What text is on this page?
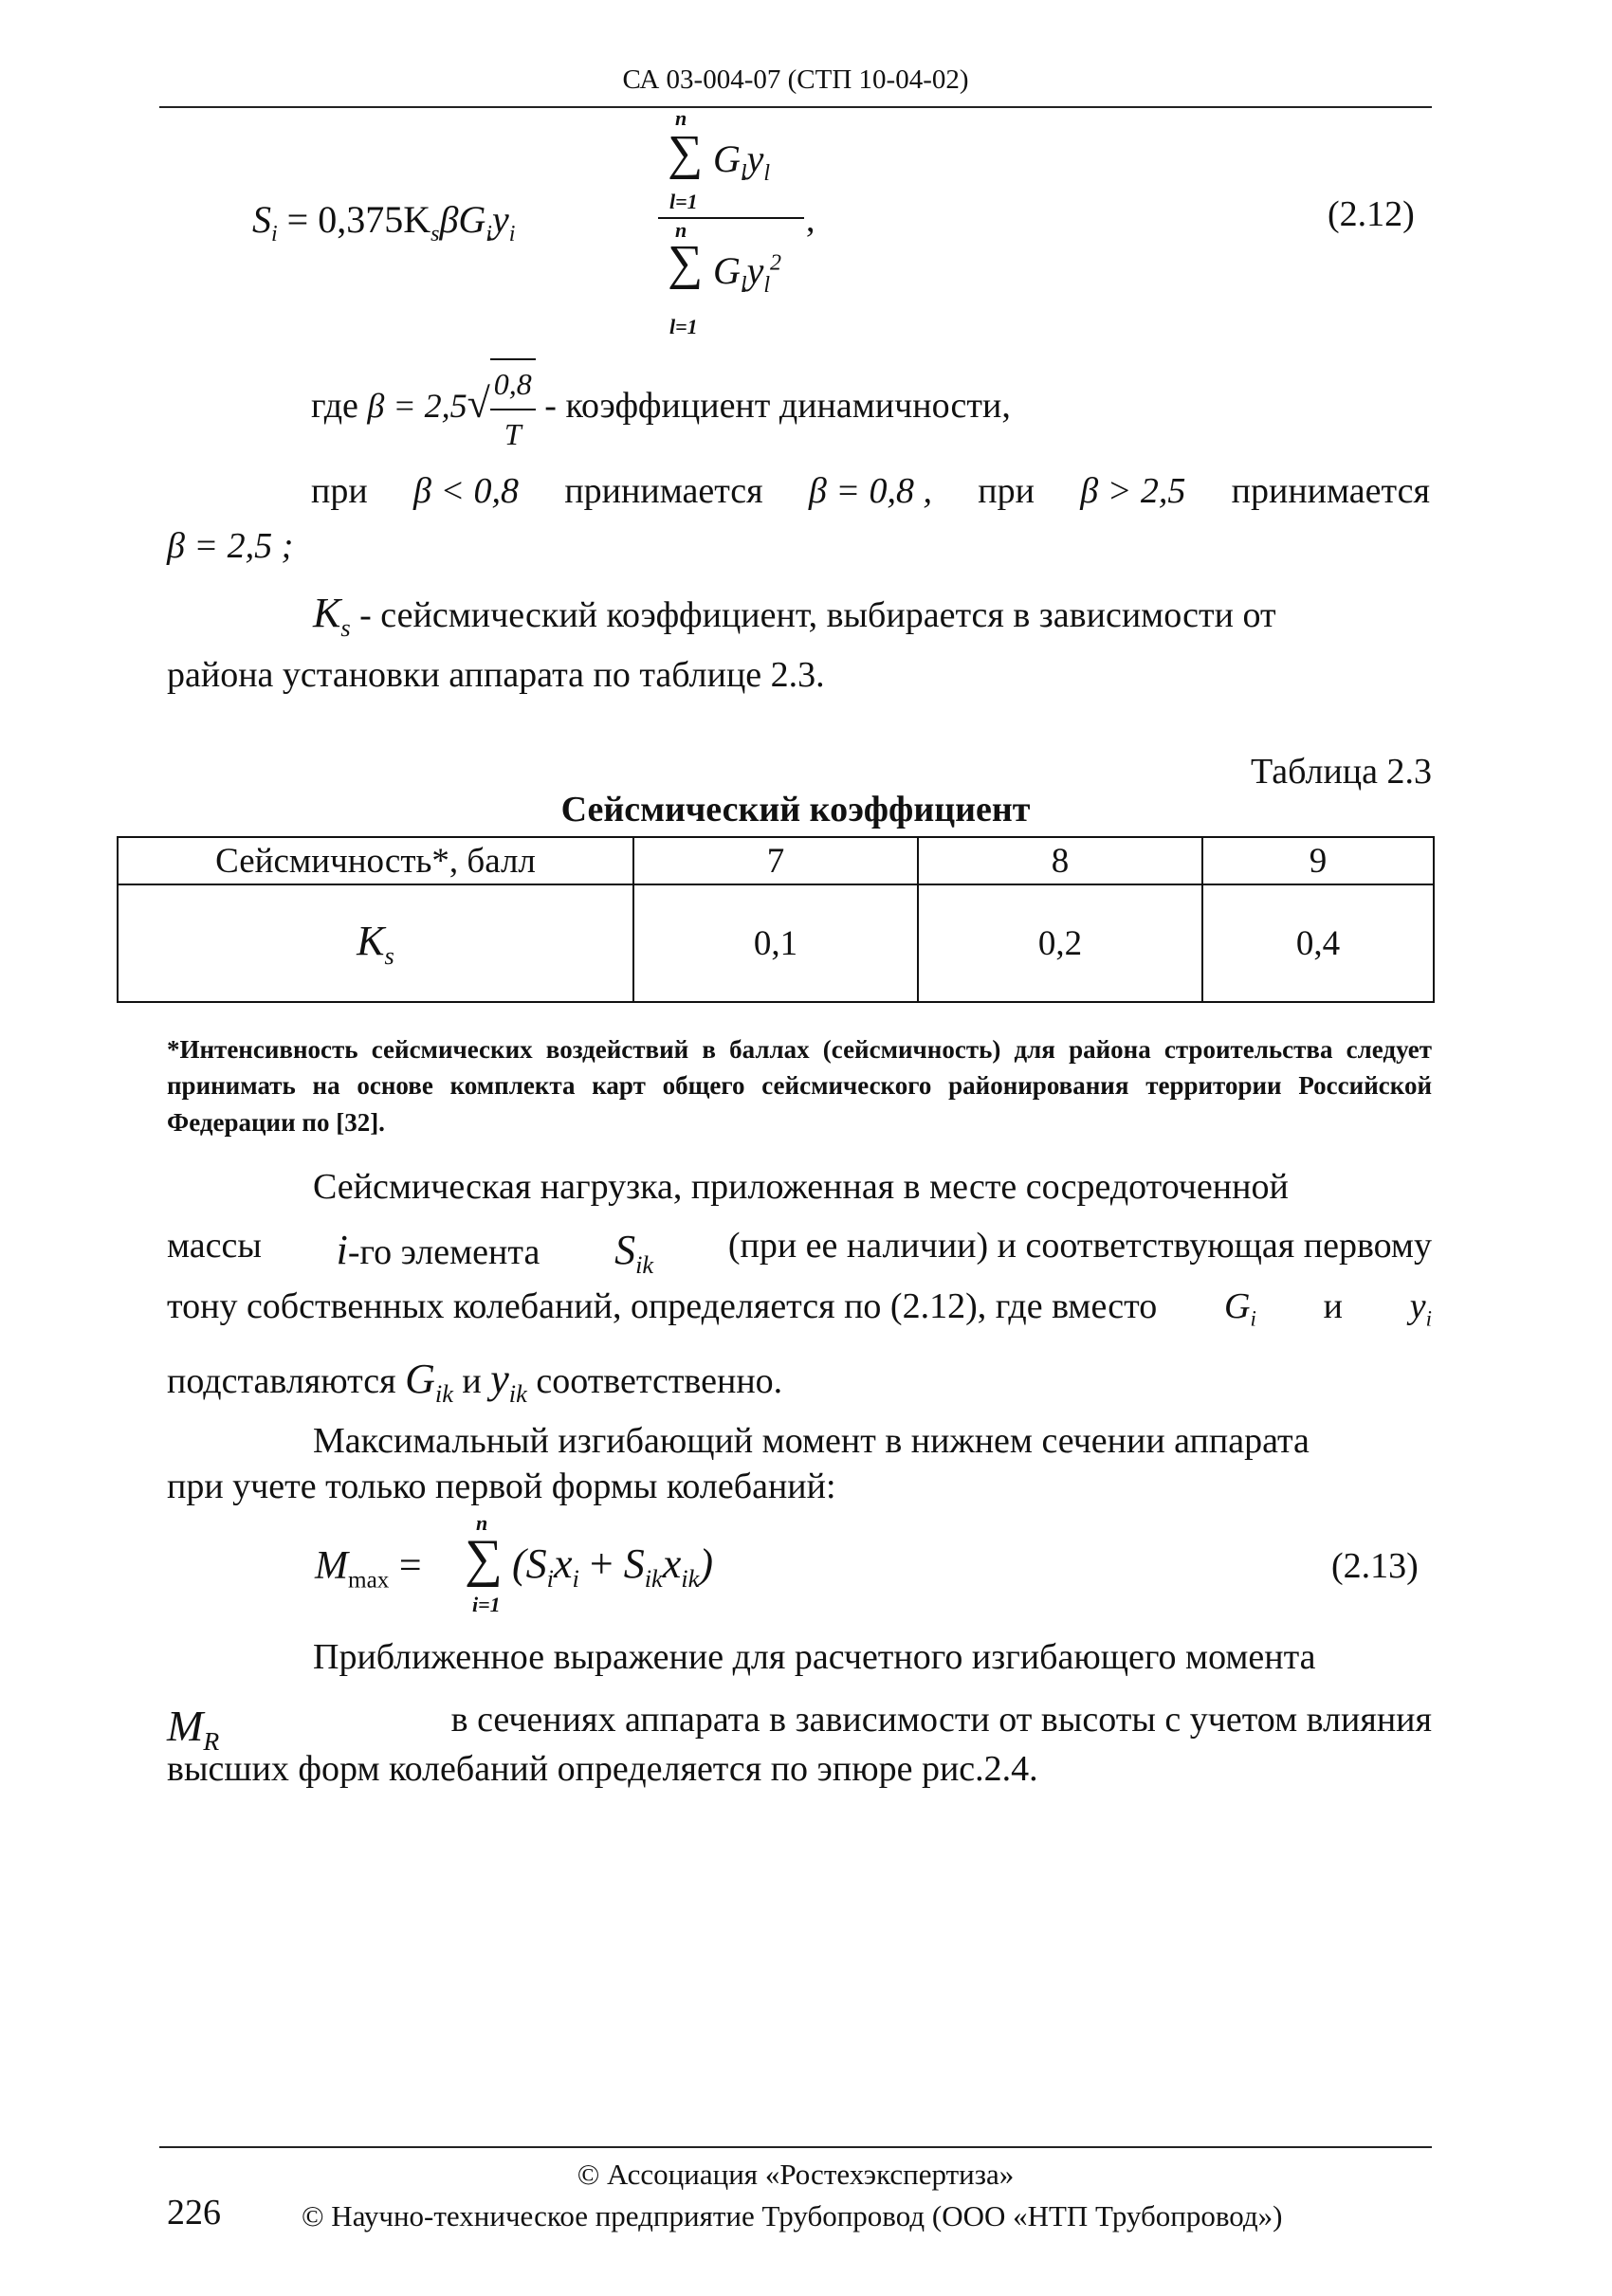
СА 03-004-07 (СТП 10-04-02)
$S_i = 0,375K_s\beta G_iy_i$
n
∑ $G_ly_l$
l=1	,
n
∑ $G_ly_l^2$
l=1
(2.12)
где $\beta = 2,5√ \frac{0,8}{T}$ - коэффициент динамичности,
при β < 0,8 принимается β = 0,8 , при β > 2,5 принимается
β = 2,5 ;
$K_s$ - сейсмический коэффициент, выбирается в зависимости от
района установки аппарата по таблице 2.3.
Таблица 2.3
Сейсмический коэффициент
Сейсмичность*, балл	7	8	9
$K_s$	0,1	0,2	0,4
*Интенсивность сейсмических воздействий в баллах (сейсмичность) для района строительства следует принимать на основе комплекта карт общего сейсмического районирования территории Российской Федерации по [32].
Сейсмическая нагрузка, приложенная в месте сосредоточенной
массы i-го элемента $S_{ik}$ (при ее наличии) и соответствующая первому
тону собственных колебаний, определяется по (2.12), где вместо $G_i$ и $y_i$
подставляются $G_{ik}$ и $y_{ik}$ соответственно.
Максимальный изгибающий момент в нижнем сечении аппарата
при учете только первой формы колебаний:
$M_{max}$ =
n
∑
i=1
$(S_ix_i + S_{ik}x_{ik})$	(2.13)
Приближенное выражение для расчетного изгибающего момента
$M_R$
в сечениях аппарата в зависимости от высоты с учетом влияния
высших форм колебаний определяется по эпюре рис.2.4.
© Ассоциация «Ростехэкспертиза»
226	© Научно-техническое предприятие Трубопровод (ООО «НТП Трубопровод»)
